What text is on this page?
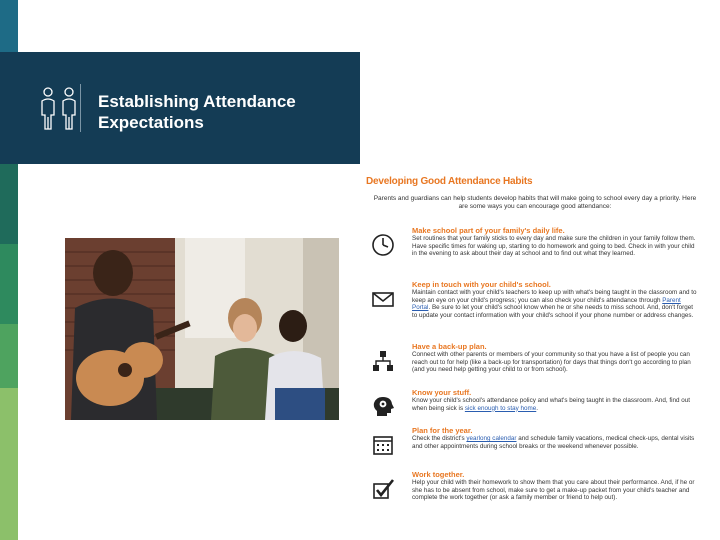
Establishing Attendance Expectations
Developing Good Attendance Habits
Parents and guardians can help students develop habits that will make going to school every day a priority. Here are some ways you can encourage good attendance:
Make school part of your family's daily life.
Set routines that your family sticks to every day and make sure the children in your family follow them. Have specific times for waking up, starting to do homework and going to bed. Check in with your child in the evening to ask about their day at school and to find out what they learned.
Keep in touch with your child's school.
Maintain contact with your child's teachers to keep up with what's being taught in the classroom and to keep an eye on your child's progress; you can also check your child's attendance through Parent Portal. Be sure to let your child's school know when he or she needs to miss school. And, don't forget to update your contact information with your child's school if your phone number or address changes.
Have a back-up plan.
Connect with other parents or members of your community so that you have a list of people you can reach out to for help (like a back-up for transportation) for days that things don't go according to plan (and you need help getting your child to or from school).
Know your stuff.
Know your child's school's attendance policy and what's being taught in the classroom. And, find out when being sick is sick enough to stay home.
Plan for the year.
Check the district's yearlong calendar and schedule family vacations, medical check-ups, dental visits and other appointments during school breaks or the weekend whenever possible.
Work together.
Help your child with their homework to show them that you care about their performance. And, if he or she has to be absent from school, make sure to get a make-up packet from your child's teacher and complete the work together (or ask a family member or friend to help out).
